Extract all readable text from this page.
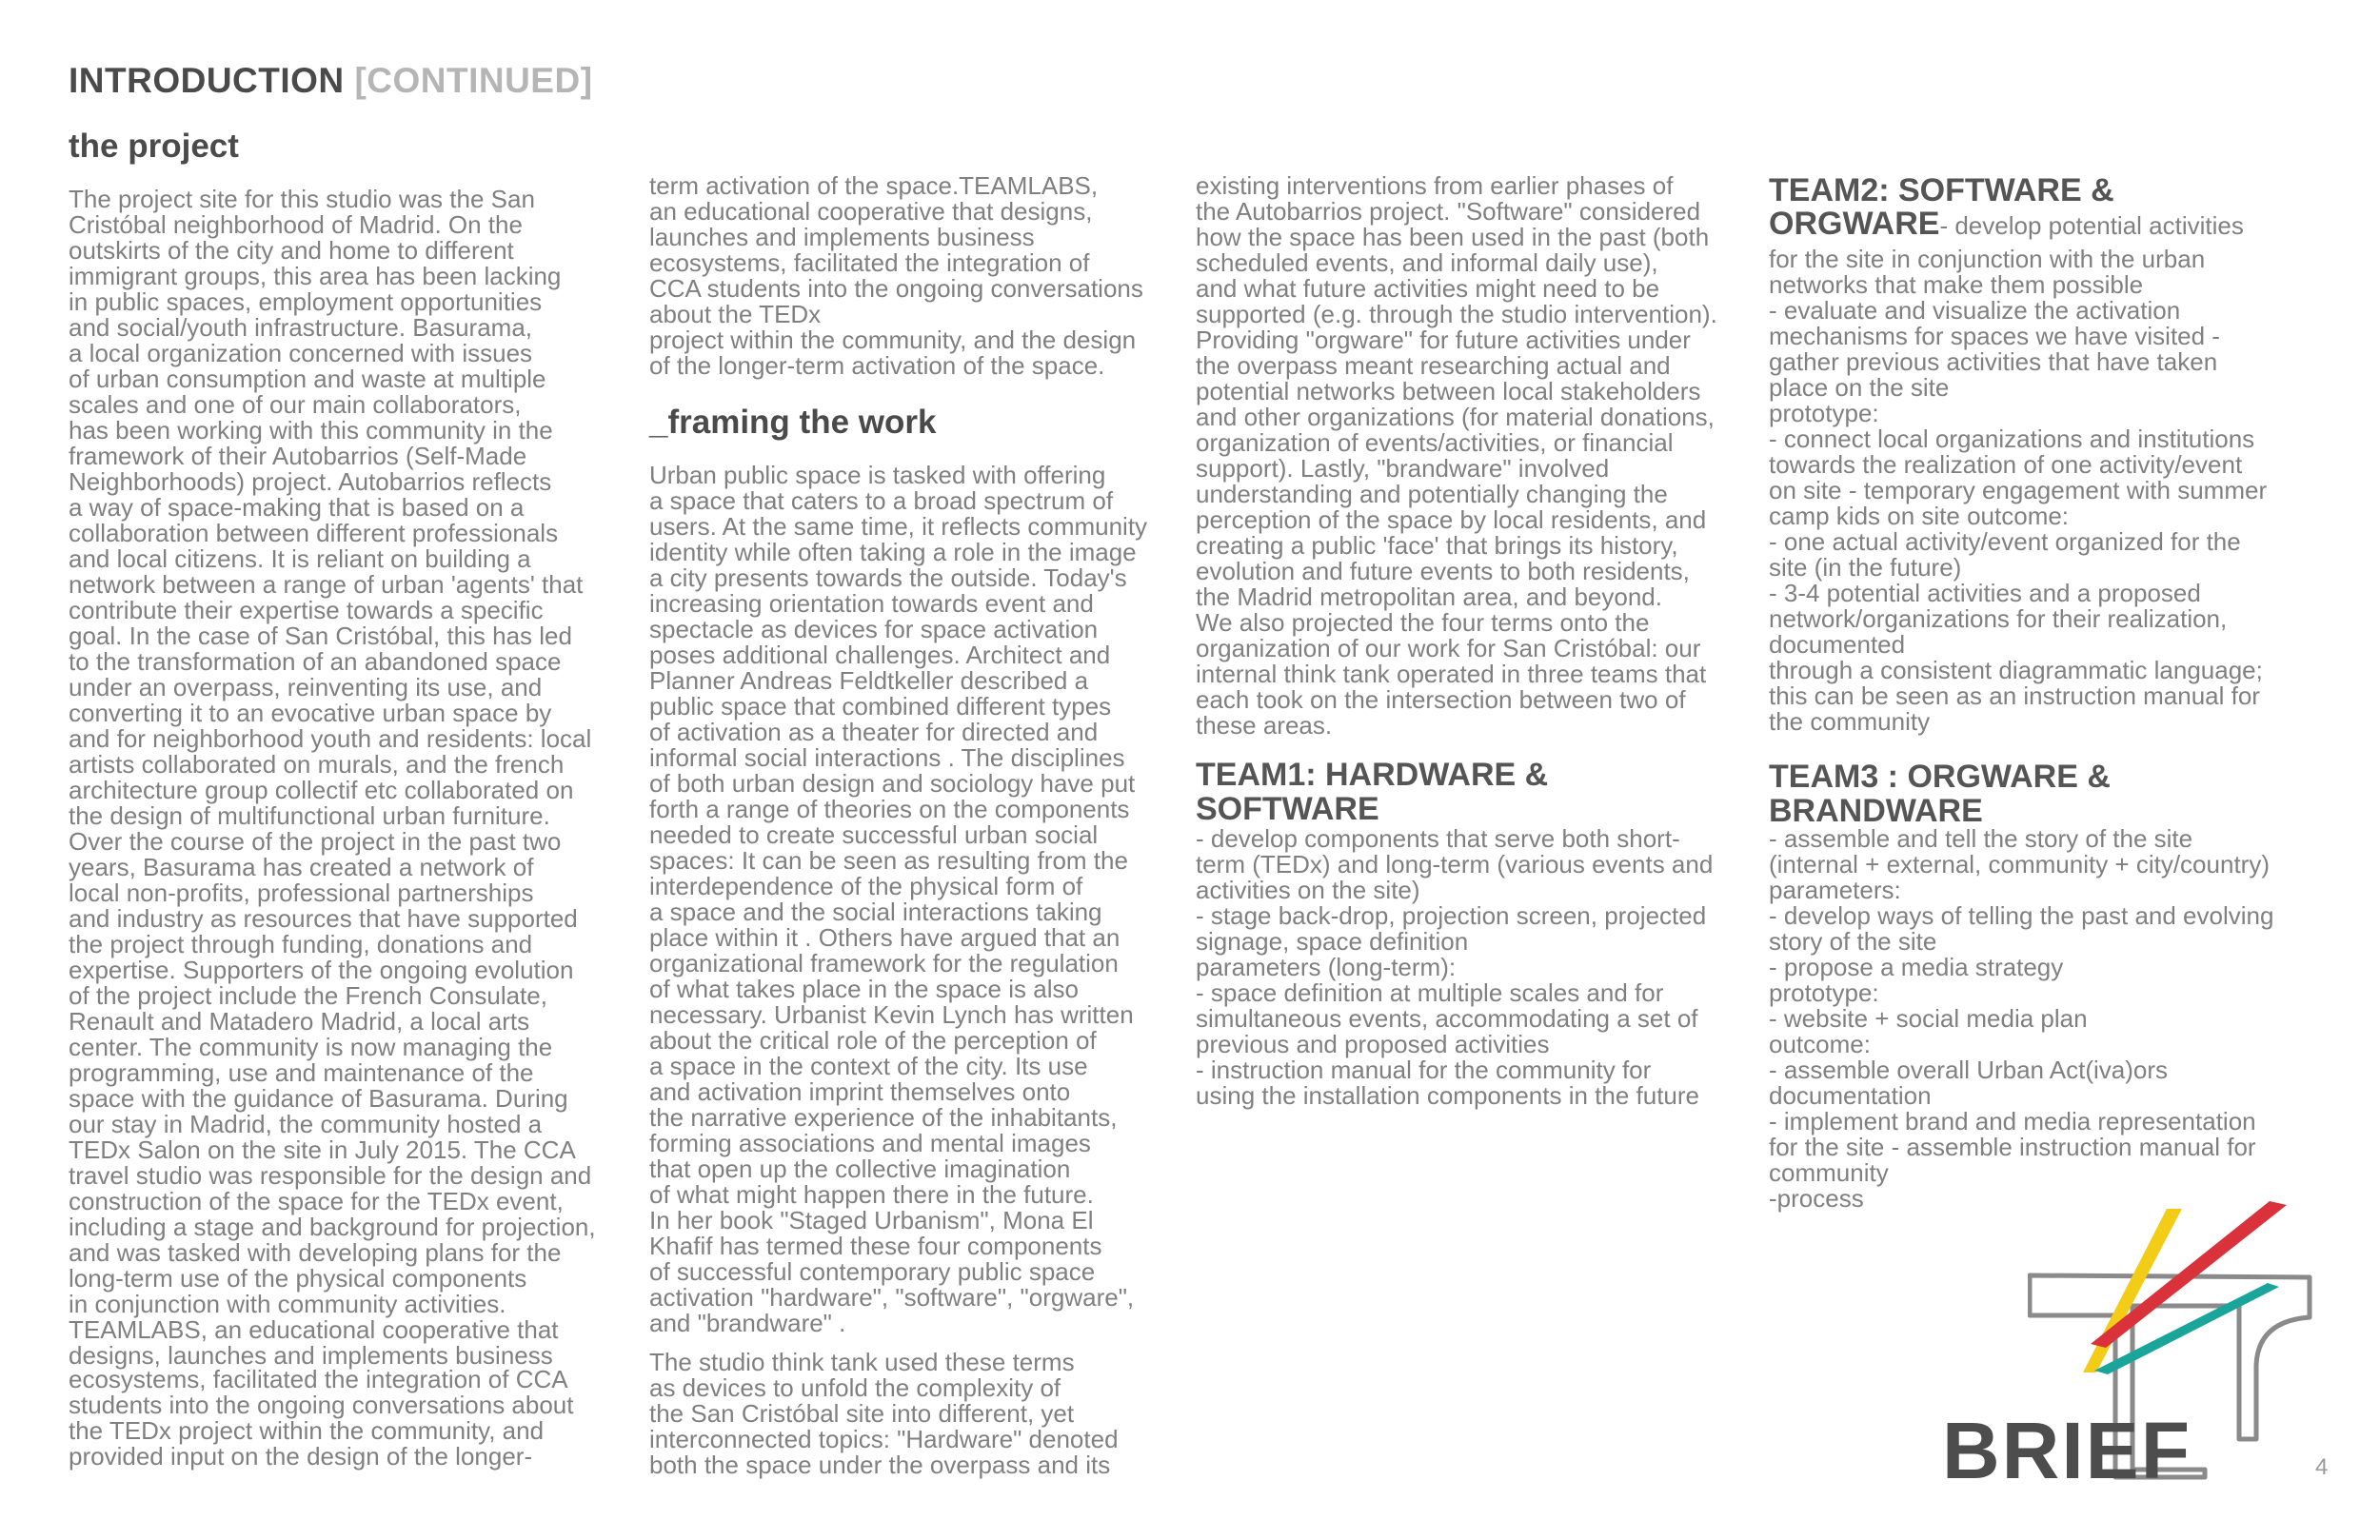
INTRODUCTION [CONTINUED]
the project

The project site for this studio was the San
Cristóbal neighborhood of Madrid. On the
outskirts of the city and home to different
immigrant groups, this area has been lacking
in public spaces, employment opportunities
and social/youth infrastructure. Basurama,
a local organization concerned with issues
of urban consumption and waste at multiple
scales and one of our main collaborators,
has been working with this community in the
framework of their Autobarrios (Self-Made
Neighborhoods) project. Autobarrios reflects
a way of space-making that is based on a
collaboration between different professionals
and local citizens. It is reliant on building a
network between a range of urban 'agents' that
contribute their expertise towards a specific
goal. In the case of San Cristóbal, this has led
to the transformation of an abandoned space
under an overpass, reinventing its use, and
converting it to an evocative urban space by
and for neighborhood youth and residents: local
artists collaborated on murals, and the french
architecture group collectif etc collaborated on
the design of multifunctional urban furniture.
Over the course of the project in the past two
years, Basurama has created a network of
local non-profits, professional partnerships
and industry as resources that have supported
the project through funding, donations and
expertise. Supporters of the ongoing evolution
of the project include the French Consulate,
Renault and Matadero Madrid, a local arts
center. The community is now managing the
programming, use and maintenance of the
space with the guidance of Basurama. During
our stay in Madrid, the community hosted a
TEDx Salon on the site in July 2015. The CCA
travel studio was responsible for the design and
construction of the space for the TEDx event,
including a stage and background for projection,
and was tasked with developing plans for the
long-term use of the physical components
in conjunction with community activities.
TEAMLABS, an educational cooperative that
designs, launches and implements business

ecosystems, facilitated the integration of CCA
students into the ongoing conversations about
the TEDx project within the community, and
provided input on the design of the longer-

term activation of the space.TEAMLABS,
an educational cooperative that designs,
launches and implements business
ecosystems, facilitated the integration of
CCA students into the ongoing conversations
about the TEDx
project within the community, and the design
of the longer-term activation of the space.

_framing the work

Urban public space is tasked with offering
a space that caters to a broad spectrum of
users. At the same time, it reflects community
identity while often taking a role in the image
a city presents towards the outside. Today's
increasing orientation towards event and
spectacle as devices for space activation
poses additional challenges. Architect and
Planner Andreas Feldtkeller described a
public space that combined different types
of activation as a theater for directed and
informal social interactions . The disciplines
of both urban design and sociology have put
forth a range of theories on the components
needed to create successful urban social
spaces: It can be seen as resulting from the
interdependence of the physical form of
a space and the social interactions taking
place within it . Others have argued that an
organizational framework for the regulation
of what takes place in the space is also
necessary. Urbanist Kevin Lynch has written
about the critical role of the perception of
a space in the context of the city. Its use
and activation imprint themselves onto
the narrative experience of the inhabitants,
forming associations and mental images
that open up the collective imagination
of what might happen there in the future.
In her book "Staged Urbanism", Mona El
Khafif has termed these four components
of successful contemporary public space
activation "hardware", "software", "orgware",
and "brandware" .

The studio think tank used these terms
as devices to unfold the complexity of
the San Cristóbal site into different, yet
interconnected topics: "Hardware" denoted
both the space under the overpass and its

existing interventions from earlier phases of
the Autobarrios project. "Software" considered
how the space has been used in the past (both
scheduled events, and informal daily use),
and what future activities might need to be
supported (e.g. through the studio intervention).
Providing "orgware" for future activities under
the overpass meant researching actual and
potential networks between local stakeholders
and other organizations (for material donations,
organization of events/activities, or financial
support). Lastly, "brandware" involved
understanding and potentially changing the
perception of the space by local residents, and
creating a public 'face' that brings its history,
evolution and future events to both residents,
the Madrid metropolitan area, and beyond.
We also projected the four terms onto the
organization of our work for San Cristóbal: our
internal think tank operated in three teams that
each took on the intersection between two of
these areas.

TEAM1: HARDWARE &
SOFTWARE

- develop components that serve both short-
term (TEDx) and long-term (various events and
activities on the site)
- stage back-drop, projection screen, projected
signage, space definition
parameters (long-term):
- space definition at multiple scales and for
simultaneous events, accommodating a set of
previous and proposed activities
- instruction manual for the community for
using the installation components in the future

TEAM2: SOFTWARE &
ORGWARE- develop potential activities

for the site in conjunction with the urban
networks that make them possible
- evaluate and visualize the activation
mechanisms for spaces we have visited -
gather previous activities that have taken
place on the site
prototype:
- connect local organizations and institutions
towards the realization of one activity/event
on site - temporary engagement with summer
camp kids on site outcome:
- one actual activity/event organized for the
site (in the future)
- 3-4 potential activities and a proposed
network/organizations for their realization,
documented
through a consistent diagrammatic language;
this can be seen as an instruction manual for
the community

TEAM3 : ORGWARE &
BRANDWARE

- assemble and tell the story of the site
(internal + external, community + city/country)
parameters:
- develop ways of telling the past and evolving
story of the site
- propose a media strategy
prototype:
- website + social media plan
outcome:
- assemble overall Urban Act(iva)ors
documentation
- implement brand and media representation
for the site - assemble instruction manual for
community
-process

BRIEF	4
